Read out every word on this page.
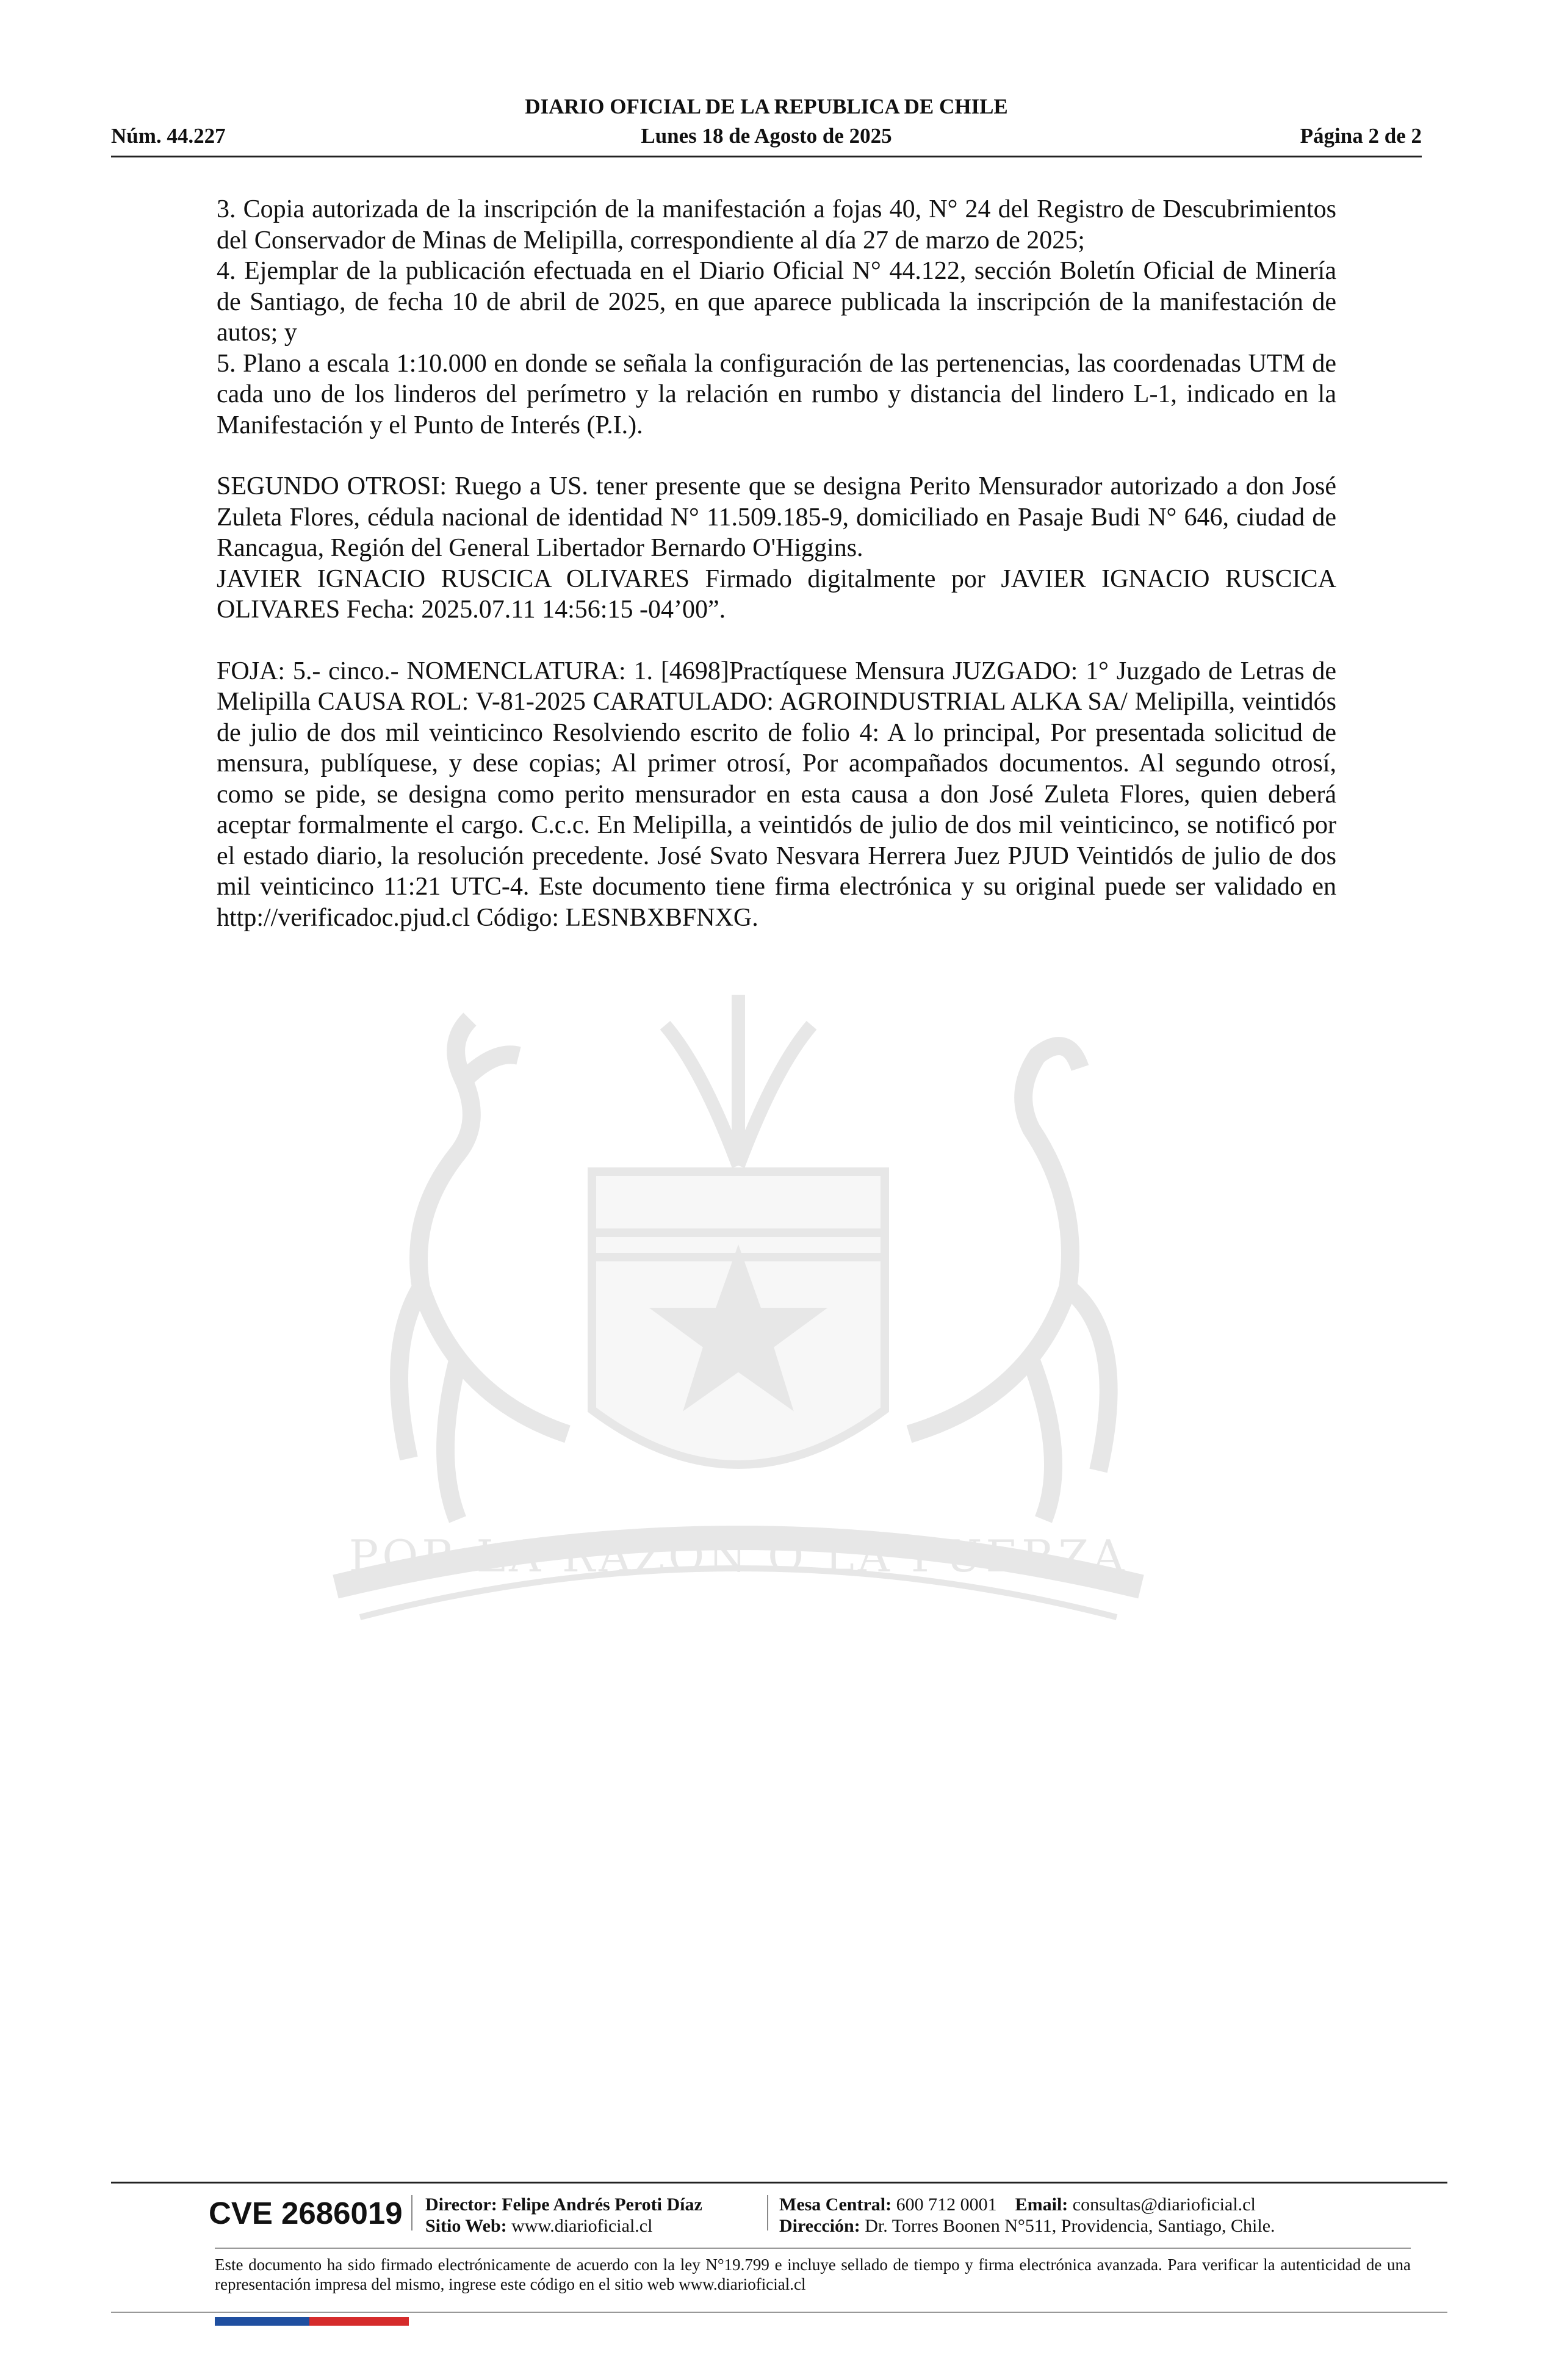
DIARIO OFICIAL DE LA REPUBLICA DE CHILE
Núm. 44.227	Lunes 18 de Agosto de 2025	Página 2 de 2
POR LA RAZON O LA FUERZA

3. Copia autorizada de la inscripción de la manifestación a fojas 40, N° 24 del Registro de Descubrimientos del Conservador de Minas de Melipilla, correspondiente al día 27 de marzo de 2025;

4. Ejemplar de la publicación efectuada en el Diario Oficial N° 44.122, sección Boletín Oficial de Minería de Santiago, de fecha 10 de abril de 2025, en que aparece publicada la inscripción de la manifestación de autos; y

5. Plano a escala 1:10.000 en donde se señala la configuración de las pertenencias, las coordenadas UTM de cada uno de los linderos del perímetro y la relación en rumbo y distancia del lindero L-1, indicado en la Manifestación y el Punto de Interés (P.I.).

SEGUNDO OTROSI: Ruego a US. tener presente que se designa Perito Mensurador autorizado a don José Zuleta Flores, cédula nacional de identidad N° 11.509.185-9, domiciliado en Pasaje Budi N° 646, ciudad de Rancagua, Región del General Libertador Bernardo O'Higgins.

JAVIER IGNACIO RUSCICA OLIVARES Firmado digitalmente por JAVIER IGNACIO RUSCICA OLIVARES Fecha: 2025.07.11 14:56:15 -04’00”.

FOJA: 5.- cinco.- NOMENCLATURA: 1. [4698]Practíquese Mensura JUZGADO: 1° Juzgado de Letras de Melipilla CAUSA ROL: V-81-2025 CARATULADO: AGROINDUSTRIAL ALKA SA/ Melipilla, veintidós de julio de dos mil veinticinco Resolviendo escrito de folio 4: A lo principal, Por presentada solicitud de mensura, publíquese, y dese copias; Al primer otrosí, Por acompañados documentos. Al segundo otrosí, como se pide, se designa como perito mensurador en esta causa a don José Zuleta Flores, quien deberá aceptar formalmente el cargo. C.c.c. En Melipilla, a veintidós de julio de dos mil veinticinco, se notificó por el estado diario, la resolución precedente. José Svato Nesvara Herrera Juez PJUD Veintidós de julio de dos mil veinticinco 11:21 UTC-4. Este documento tiene firma electrónica y su original puede ser validado en http://verificadoc.pjud.cl Código: LESNBXBFNXG.

CVE 2686019 Director: Felipe Andrés Peroti Díaz
Sitio Web: www.diarioficial.cl
Mesa Central: 600 712 0001 Email: consultas@diarioficial.cl
Dirección: Dr. Torres Boonen N°511, Providencia, Santiago, Chile.
Este documento ha sido firmado electrónicamente de acuerdo con la ley N°19.799 e incluye sellado de tiempo y firma electrónica avanzada. Para verificar la autenticidad de una representación impresa del mismo, ingrese este código en el sitio web www.diarioficial.cl
